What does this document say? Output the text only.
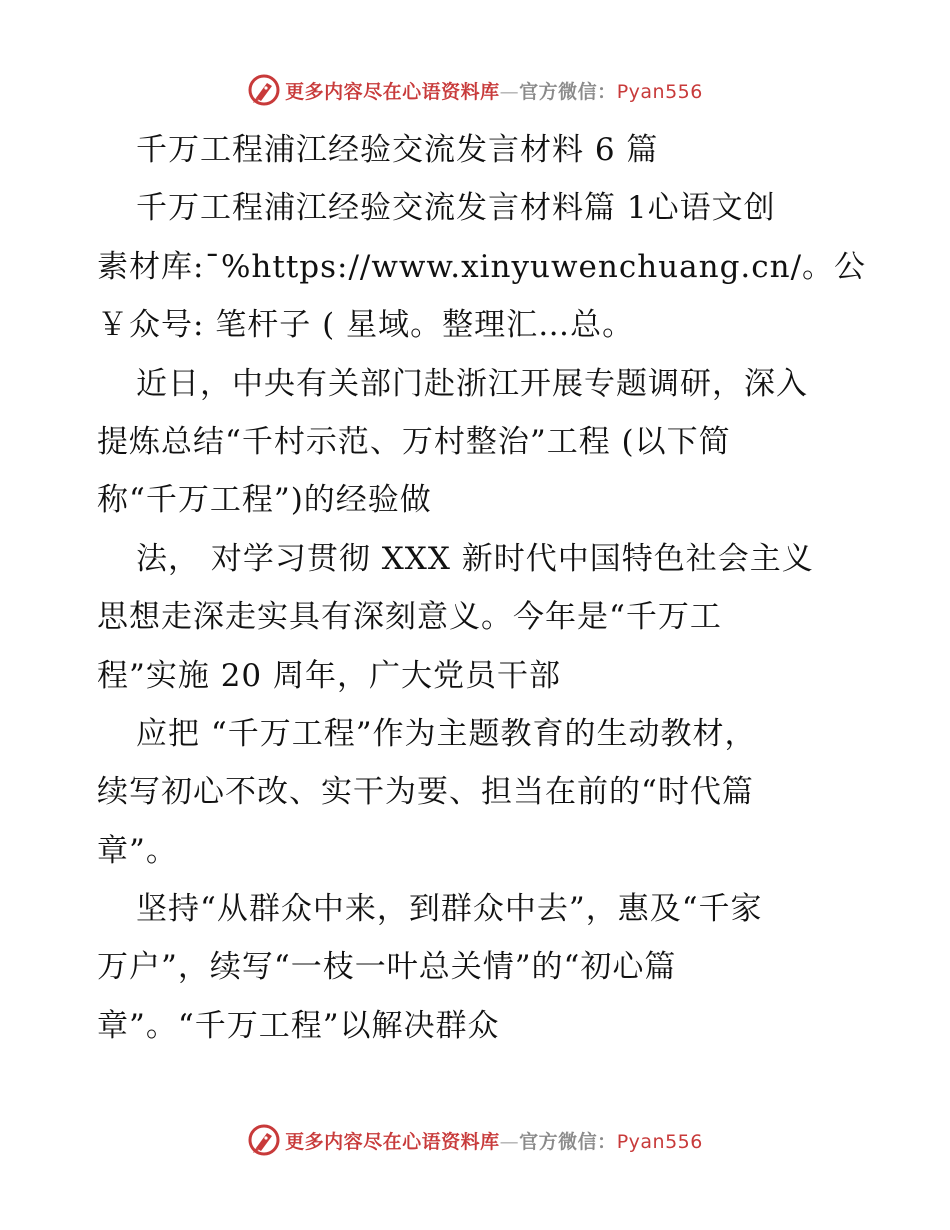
更多内容尽在心语资料库—官方微信：Pyan556
千万工程浦江经验交流发言材料 6 篇
千万工程浦江经验交流发言材料篇 1心语文创
素材库:¯%https://www.xinyuwenchuang.cn/。公
￥众号: 笔杆子 ( 星域。整理汇…总。
近日，中央有关部门赴浙江开展专题调研，深入
提炼总结“千村示范、万村整治”工程 (以下简
称“千万工程”)的经验做
法， 对学习贯彻 XXX 新时代中国特色社会主义
思想走深走实具有深刻意义。今年是“千万工
程”实施 20 周年，广大党员干部
应把 “千万工程”作为主题教育的生动教材，
续写初心不改、实干为要、担当在前的“时代篇
章”。
坚持“从群众中来，到群众中去”，惠及“千家
万户”，续写“一枝一叶总关情”的“初心篇
章”。“千万工程”以解决群众
更多内容尽在心语资料库—官方微信：Pyan556
